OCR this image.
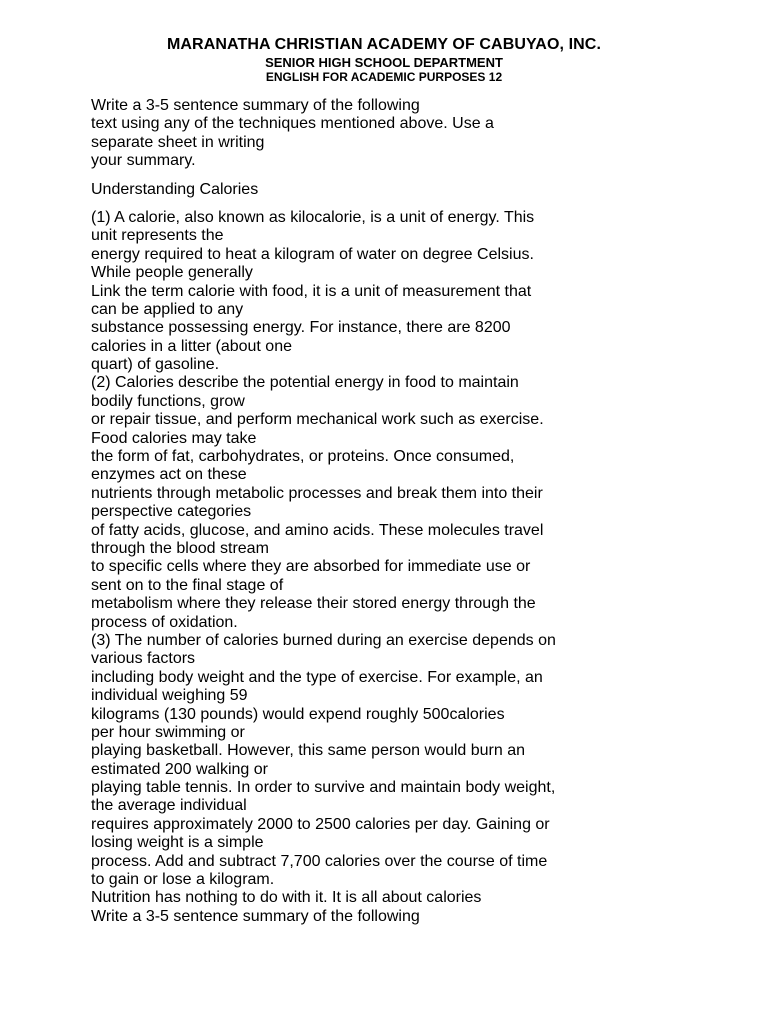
MARANATHA CHRISTIAN ACADEMY OF CABUYAO, INC.
SENIOR HIGH SCHOOL DEPARTMENT
ENGLISH FOR ACADEMIC PURPOSES 12
Write a 3-5 sentence summary of the following
text using any of the techniques mentioned above. Use a
separate sheet in writing
your summary.
Understanding Calories
(1) A calorie, also known as kilocalorie, is a unit of energy. This
unit represents the
energy required to heat a kilogram of water on degree Celsius.
While people generally
Link the term calorie with food, it is a unit of measurement that
can be applied to any
substance possessing energy. For instance, there are 8200
calories in a litter (about one
quart) of gasoline.
(2) Calories describe the potential energy in food to maintain
bodily functions, grow
or repair tissue, and perform mechanical work such as exercise.
Food calories may take
the form of fat, carbohydrates, or proteins. Once consumed,
enzymes act on these
nutrients through metabolic processes and break them into their
perspective categories
of fatty acids, glucose, and amino acids. These molecules travel
through the blood stream
to specific cells where they are absorbed for immediate use or
sent on to the final stage of
metabolism where they release their stored energy through the
process of oxidation.
(3) The number of calories burned during an exercise depends on
various factors
including body weight and the type of exercise. For example, an
individual weighing 59
kilograms (130 pounds) would expend roughly 500calories
per hour swimming or
playing basketball. However, this same person would burn an
estimated 200 walking or
playing table tennis. In order to survive and maintain body weight,
the average individual
requires approximately 2000 to 2500 calories per day. Gaining or
losing weight is a simple
process. Add and subtract 7,700 calories over the course of time
to gain or lose a kilogram.
Nutrition has nothing to do with it. It is all about calories
Write a 3-5 sentence summary of the following
